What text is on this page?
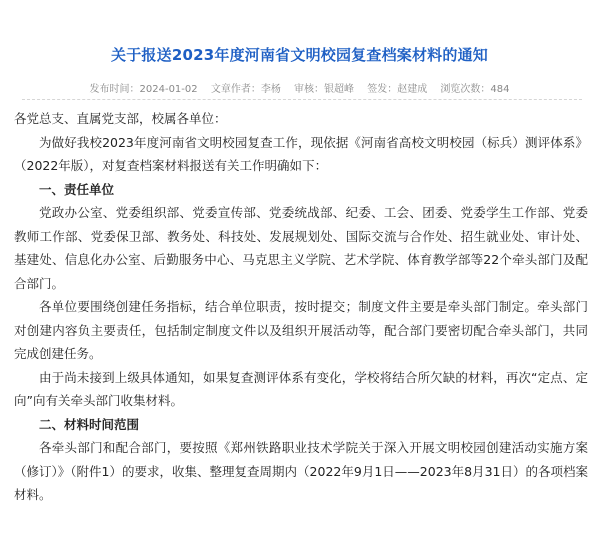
关于报送2023年度河南省文明校园复查档案材料的通知
发布时间：2024-01-02 文章作者：李杨 审核：银超峰 签发：赵建成 浏览次数：484

各党总支、直属党支部，校属各单位：

为做好我校2023年度河南省文明校园复查工作，现依据《河南省高校文明校园（标兵）测评体系》（2022年版），对复查档案材料报送有关工作明确如下：

一、责任单位

党政办公室、党委组织部、党委宣传部、党委统战部、纪委、工会、团委、党委学生工作部、党委教师工作部、党委保卫部、教务处、科技处、发展规划处、国际交流与合作处、招生就业处、审计处、基建处、信息化办公室、后勤服务中心、马克思主义学院、艺术学院、体育教学部等22个牵头部门及配合部门。

各单位要围绕创建任务指标，结合单位职责，按时提交；制度文件主要是牵头部门制定。牵头部门对创建内容负主要责任，包括制定制度文件以及组织开展活动等，配合部门要密切配合牵头部门，共同完成创建任务。

由于尚未接到上级具体通知，如果复查测评体系有变化，学校将结合所欠缺的材料，再次“定点、定向”向有关牵头部门收集材料。

二、材料时间范围

各牵头部门和配合部门，要按照《郑州铁路职业技术学院关于深入开展文明校园创建活动实施方案（修订）》（附件1）的要求，收集、整理复查周期内（2022年9月1日——2023年8月31日）的各项档案材料。
